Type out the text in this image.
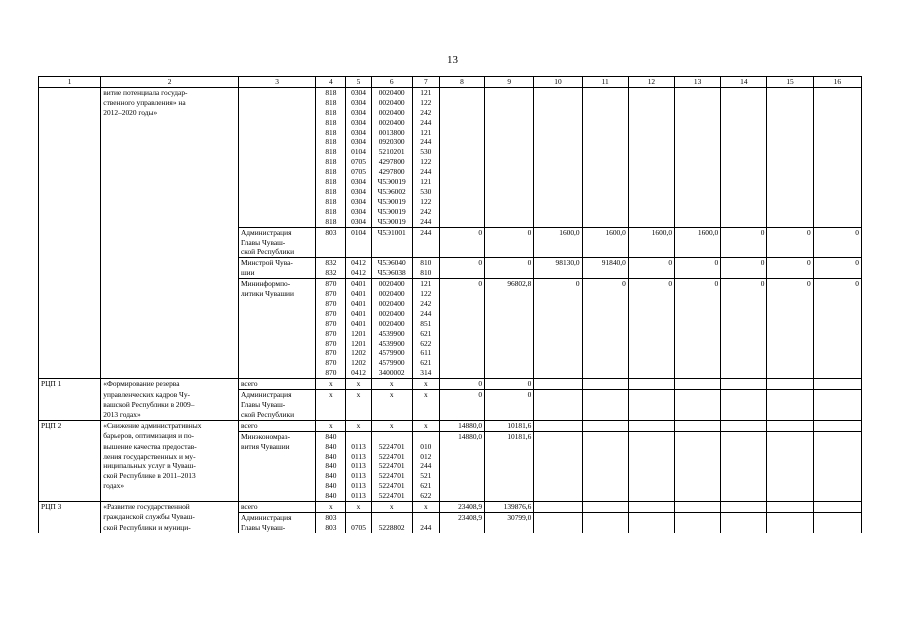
13
1	2	3	4	5	6	7	8	9	10	11	12	13	14	15	16
	витие потенциала государ-		818	0304	0020400	121									
	ственного управления» на		818	0304	0020400	122									
	2012–2020 годы»		818	0304	0020400	242									
			818	0304	0020400	244									
			818	0304	0013800	121									
			818	0304	0920300	244									
			818	0104	5210201	530									
			818	0705	4297800	122									
			818	0705	4297800	244									
			818	0304	Ч5Э0019	121									
			818	0304	Ч5Э6002	530									
			818	0304	Ч5Э0019	122									
			818	0304	Ч5Э0019	242									
			818	0304	Ч5Э0019	244									
		Администрация	803	0104	Ч5Э1001	244	0	0	1600,0	1600,0	1600,0	1600,0	0	0	0
		Главы Чуваш-													
		ской Республики													
		Минстрой Чува-	832	0412	Ч5Э6040	810	0	0	98130,0	91840,0	0	0	0	0	0
		шии	832	0412	Ч5Э6038	810									
		Мининформпо-	870	0401	0020400	121	0	96802,8	0	0	0	0	0	0	0
		литики Чувашии	870	0401	0020400	122									
			870	0401	0020400	242									
			870	0401	0020400	244									
			870	0401	0020400	851									
			870	1201	4539900	621									
			870	1201	4539900	622									
			870	1202	4579900	611									
			870	1202	4579900	621									
			870	0412	3400002	314									
РЦП 1	«Формирование резерва	всего	x	x	x	x	0	0							
	управленческих кадров Чу-	Администрация	x	x	x	x	0	0							
	вашской Республики в 2009–	Главы Чуваш-													
	2013 годах»	ской Республики													
РЦП 2	«Снижение административных	всего	x	x	x	x	14880,0	10181,6							
	барьеров, оптимизация и по-	Минэкономраз-	840				14880,0	10181,6							
	вышение качества предостав-	вития Чувашии	840	0113	5224701	010									
	ления государственных и му-		840	0113	5224701	012									
	ниципальных услуг в Чуваш-		840	0113	5224701	244									
	ской Республике в 2011–2013		840	0113	5224701	521									
	годах»		840	0113	5224701	621									
			840	0113	5224701	622									
РЦП 3	«Развитие государственной	всего	x	x	x	x	23408,9	139876,6							
	гражданской службы Чуваш-	Администрация	803				23408,9	30799,0							
	ской Республики и муници-	Главы Чуваш-	803	0705	5228802	244									
